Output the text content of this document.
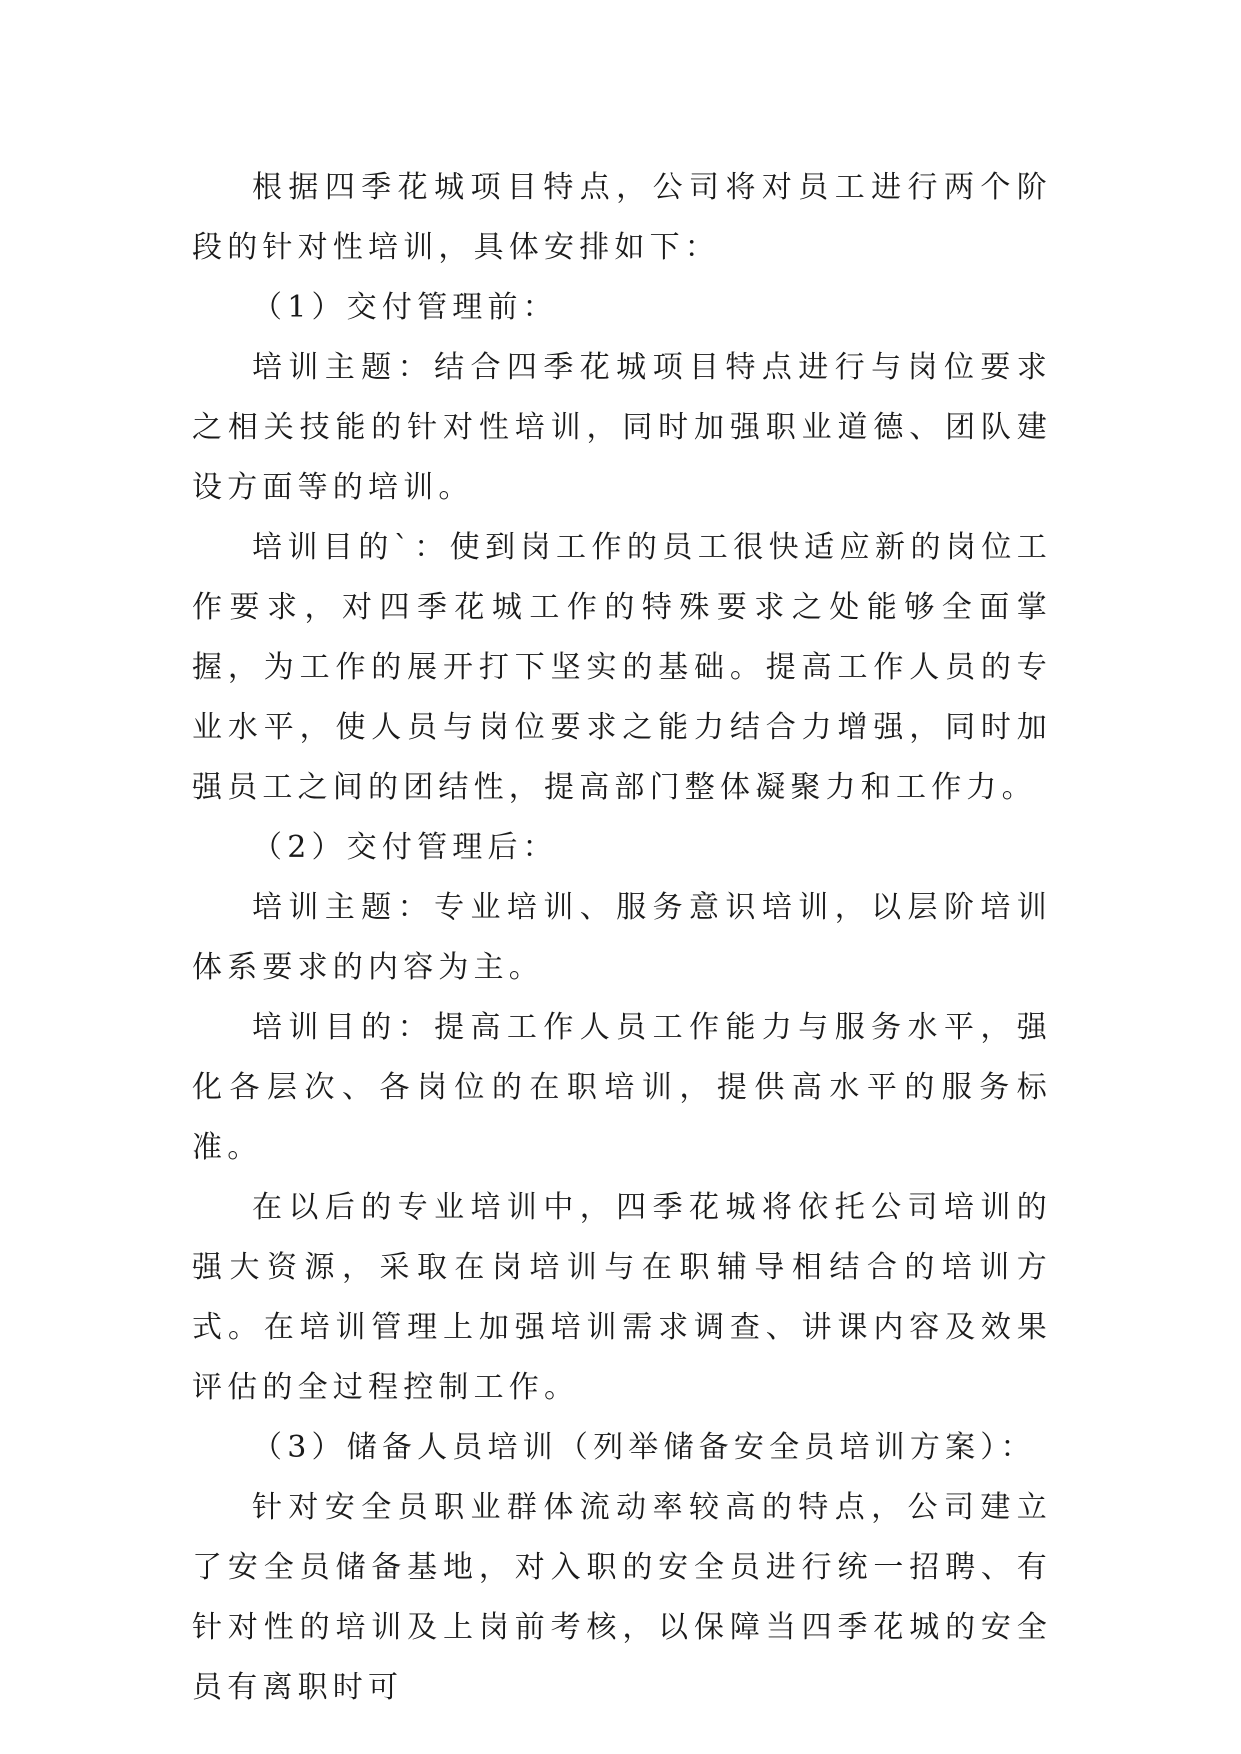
根据四季花城项目特点，公司将对员工进行两个阶段的针对性培训，具体安排如下：

（1）交付管理前：

培训主题：结合四季花城项目特点进行与岗位要求之相关技能的针对性培训，同时加强职业道德、团队建设方面等的培训。

培训目的`：使到岗工作的员工很快适应新的岗位工作要求，对四季花城工作的特殊要求之处能够全面掌握，为工作的展开打下坚实的基础。提高工作人员的专业水平，使人员与岗位要求之能力结合力增强，同时加强员工之间的团结性，提高部门整体凝聚力和工作力。

（2）交付管理后：

培训主题：专业培训、服务意识培训，以层阶培训体系要求的内容为主。

培训目的：提高工作人员工作能力与服务水平，强化各层次、各岗位的在职培训，提供高水平的服务标准。

在以后的专业培训中，四季花城将依托公司培训的强大资源，采取在岗培训与在职辅导相结合的培训方式。在培训管理上加强培训需求调查、讲课内容及效果评估的全过程控制工作。

（3）储备人员培训（列举储备安全员培训方案）：

针对安全员职业群体流动率较高的特点，公司建立了安全员储备基地，对入职的安全员进行统一招聘、有针对性的培训及上岗前考核，以保障当四季花城的安全员有离职时可
